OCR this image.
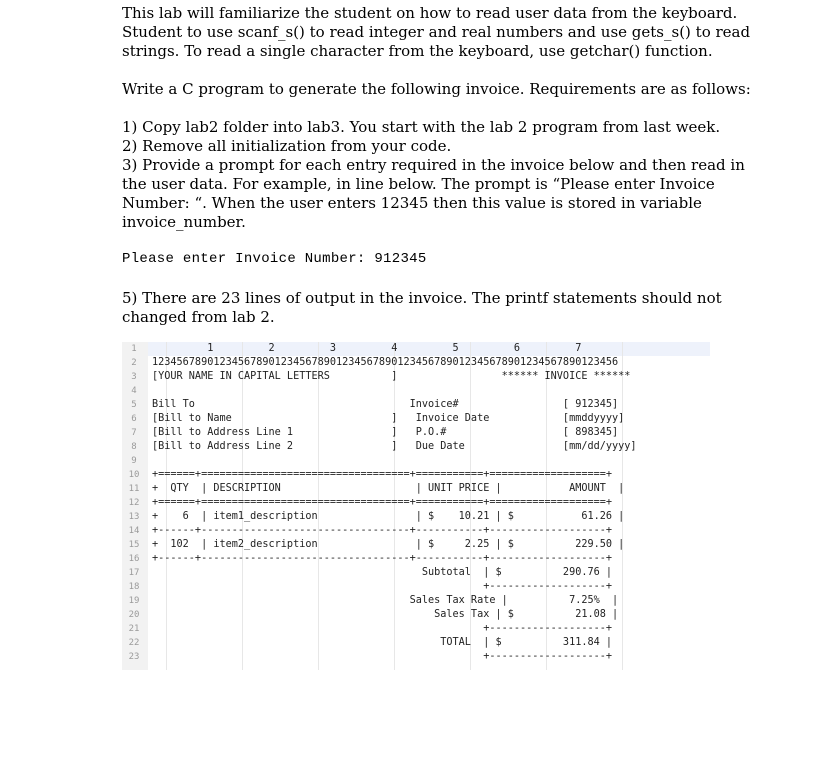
This lab will familiarize the student on how to read user data from the keyboard.
Student to use scanf_s() to read integer and real numbers and use gets_s() to read
strings. To read a single character from the keyboard, use getchar() function.
Write a C program to generate the following invoice. Requirements are as follows:
1) Copy lab2 folder into lab3. You start with the lab 2 program from last week.
2) Remove all initialization from your code.
3) Provide a prompt for each entry required in the invoice below and then read in
the user data. For example, in line below. The prompt is “Please enter Invoice
Number: “. When the user enters 12345 then this value is stored in variable
invoice_number.
Please enter Invoice Number: 912345
5) There are 23 lines of output in the invoice. The printf statements should not
changed from lab 2.
1
2
3
4
5
6
7
8
9
10
11
12
13
14
15
16
17
18
19
20
21
22
23
1         2         3         4         5         6         7
1234567890123456789012345678901234567890123456789012345678901234567890123456
[YOUR NAME IN CAPITAL LETTERS          ]                 ****** INVOICE ******
Bill To                                   Invoice#                 [ 912345]
[Bill to Name                          ]   Invoice Date            [mmddyyyy]
[Bill to Address Line 1                ]   P.O.#                   [ 898345]
[Bill to Address Line 2                ]   Due Date                [mm/dd/yyyy]
+======+==================================+===========+===================+
+  QTY  | DESCRIPTION                      | UNIT PRICE |           AMOUNT  |
+======+==================================+===========+===================+
+    6  | item1_description                | $    10.21 | $           61.26 |
+------+----------------------------------+-----------+-------------------+
+  102  | item2_description                | $     2.25 | $          229.50 |
+------+----------------------------------+-----------+-------------------+
Subtotal  | $          290.76 |
+-------------------+
Sales Tax Rate |          7.25%  |
Sales Tax | $          21.08 |
+-------------------+
TOTAL  | $          311.84 |
+-------------------+
